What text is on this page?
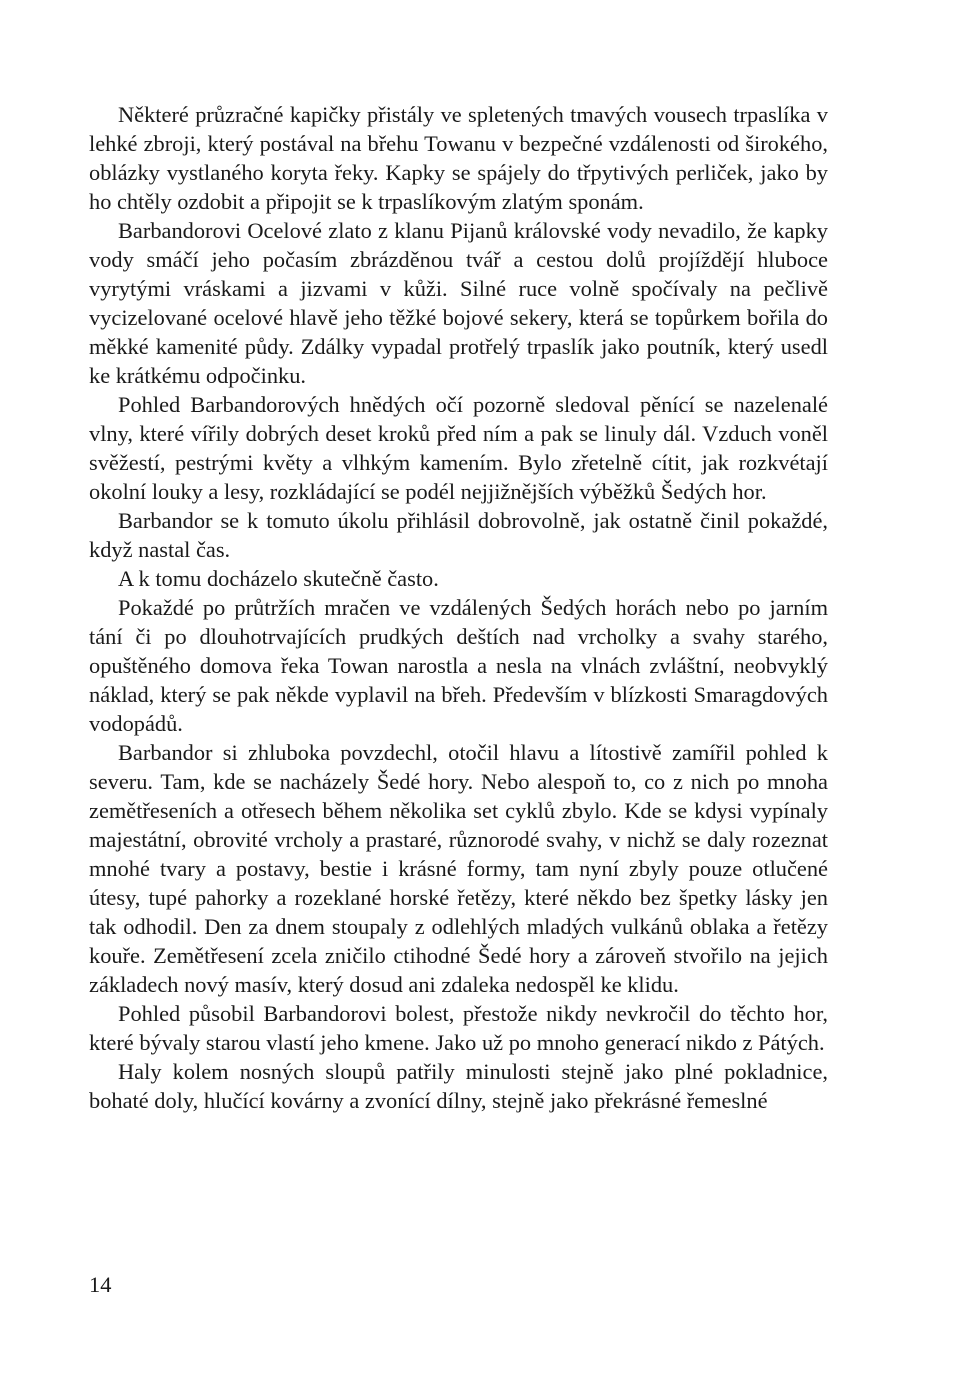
Některé průzračné kapičky přistály ve spletených tmavých vousech trpaslíka v lehké zbroji, který postával na břehu Towanu v bezpečné vzdálenosti od širokého, oblázky vystlaného koryta řeky. Kapky se spájely do třpytivých perliček, jako by ho chtěly ozdobit a připojit se k trpaslíkovým zlatým sponám.

Barbandorovi Ocelové zlato z klanu Pijanů královské vody nevadilo, že kapky vody smáčí jeho počasím zbrázděnou tvář a cestou dolů projíždějí hluboce vyrytými vráskami a jizvami v kůži. Silné ruce volně spočívaly na pečlivě vycizelované ocelové hlavě jeho těžké bojové sekery, která se topůrkem bořila do měkké kamenité půdy. Zdálky vypadal protřelý trpaslík jako poutník, který usedl ke krátkému odpočinku.

Pohled Barbandorových hnědých očí pozorně sledoval pěnící se nazelenalé vlny, které vířily dobrých deset kroků před ním a pak se linuly dál. Vzduch voněl svěžestí, pestrými květy a vlhkým kamením. Bylo zřetelně cítit, jak rozkvétají okolní louky a lesy, rozkládající se podél nejjižnějších výběžků Šedých hor.

Barbandor se k tomuto úkolu přihlásil dobrovolně, jak ostatně činil pokaždé, když nastal čas.

A k tomu docházelo skutečně často.

Pokaždé po průtržích mračen ve vzdálených Šedých horách nebo po jarním tání či po dlouhotrvajících prudkých deštích nad vrcholky a svahy starého, opuštěného domova řeka Towan narostla a nesla na vlnách zvláštní, neobvyklý náklad, který se pak někde vyplavil na břeh. Především v blízkosti Smaragdových vodopádů.

Barbandor si zhluboka povzdechl, otočil hlavu a lítostivě zamířil pohled k severu. Tam, kde se nacházely Šedé hory. Nebo alespoň to, co z nich po mnoha zemětřeseních a otřesech během několika set cyklů zbylo. Kde se kdysi vypínaly majestátní, obrovité vrcholy a prastaré, různorodé svahy, v nichž se daly rozeznat mnohé tvary a postavy, bestie i krásné formy, tam nyní zbyly pouze otlučené útesy, tupé pahorky a rozeklané horské řetězy, které někdo bez špetky lásky jen tak odhodil. Den za dnem stoupaly z odlehlých mladých vulkánů oblaka a řetězy kouře. Zemětřesení zcela zničilo ctihodné Šedé hory a zároveň stvořilo na jejich základech nový masív, který dosud ani zdaleka nedospěl ke klidu.

Pohled působil Barbandorovi bolest, přestože nikdy nevkročil do těchto hor, které bývaly starou vlastí jeho kmene. Jako už po mnoho generací nikdo z Pátých.

Haly kolem nosných sloupů patřily minulosti stejně jako plné pokladnice, bohaté doly, hlučící kovárny a zvonící dílny, stejně jako překrásné řemeslné

14
